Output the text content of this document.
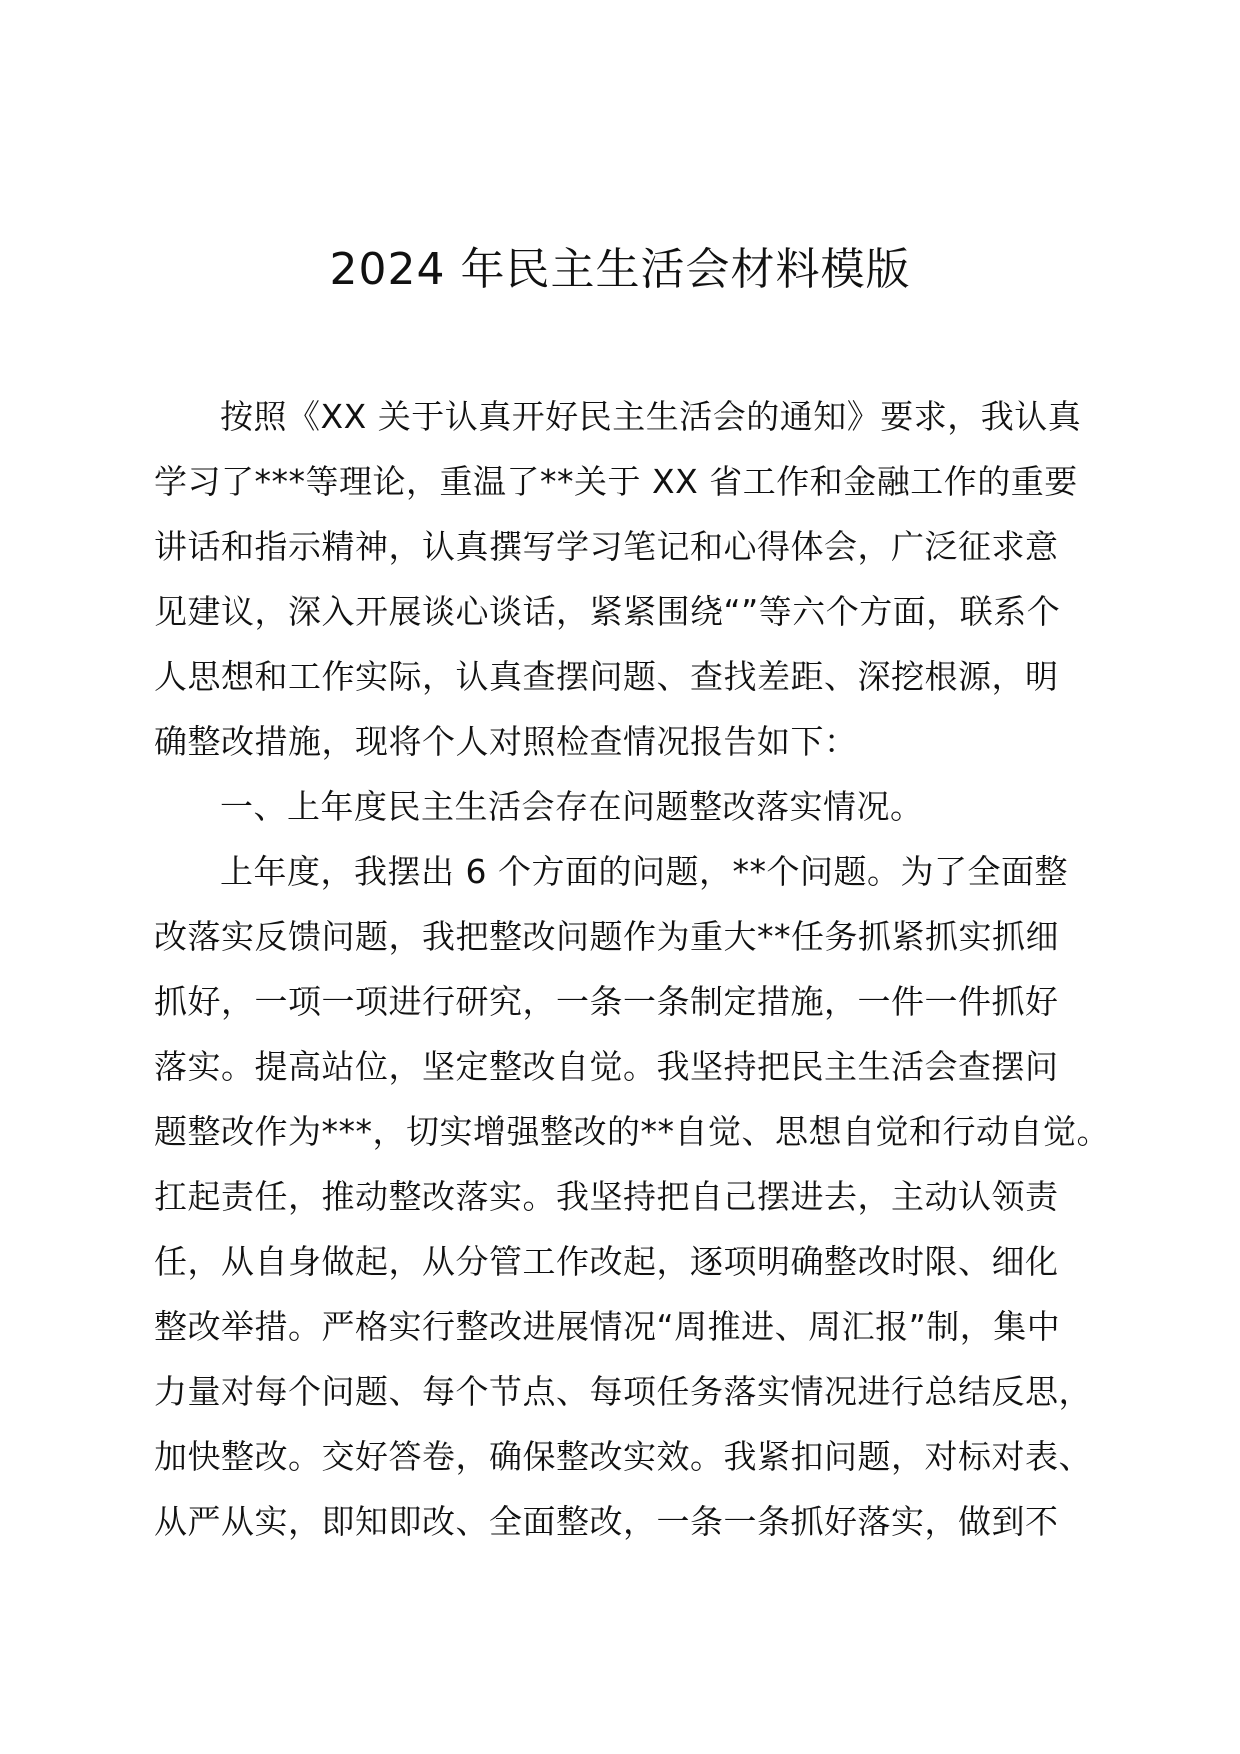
2024 年民主生活会材料模版
按照《XX 关于认真开好民主生活会的通知》要求，我认真
学习了***等理论，重温了**关于 XX 省工作和金融工作的重要
讲话和指示精神，认真撰写学习笔记和心得体会，广泛征求意
见建议，深入开展谈心谈话，紧紧围绕“”等六个方面，联系个
人思想和工作实际，认真查摆问题、查找差距、深挖根源，明
确整改措施，现将个人对照检查情况报告如下：
一、上年度民主生活会存在问题整改落实情况。
上年度，我摆出 6 个方面的问题，**个问题。为了全面整
改落实反馈问题，我把整改问题作为重大**任务抓紧抓实抓细
抓好，一项一项进行研究，一条一条制定措施，一件一件抓好
落实。提高站位，坚定整改自觉。我坚持把民主生活会查摆问
题整改作为***，切实增强整改的**自觉、思想自觉和行动自觉。
扛起责任，推动整改落实。我坚持把自己摆进去，主动认领责
任，从自身做起，从分管工作改起，逐项明确整改时限、细化
整改举措。严格实行整改进展情况“周推进、周汇报”制，集中
力量对每个问题、每个节点、每项任务落实情况进行总结反思，
加快整改。交好答卷，确保整改实效。我紧扣问题，对标对表、
从严从实，即知即改、全面整改，一条一条抓好落实，做到不
